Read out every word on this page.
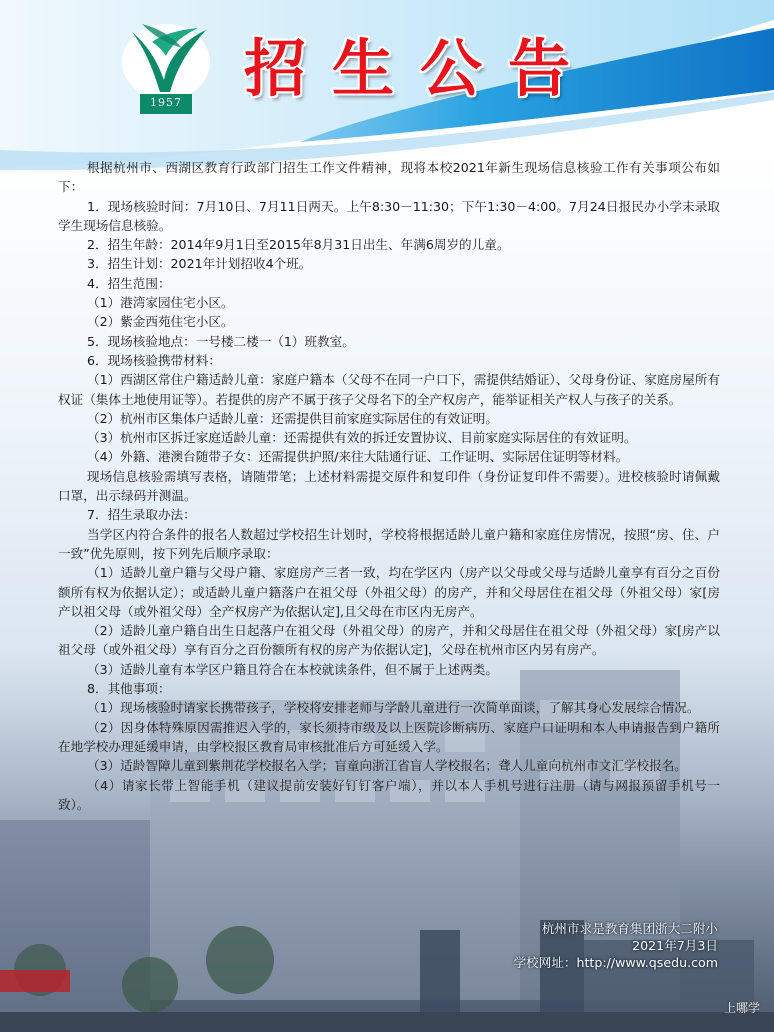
1957 招生公告

根据杭州市、西湖区教育行政部门招生工作文件精神，现将本校2021年新生现场信息核验工作有关事项公布如下：

1．现场核验时间：7月10日、7月11日两天。上午8:30－11:30；下午1:30－4:00。7月24日报民办小学未录取学生现场信息核验。

2．招生年龄：2014年9月1日至2015年8月31日出生、年满6周岁的儿童。

3．招生计划：2021年计划招收4个班。

4．招生范围：

（1）港湾家园住宅小区。

（2）紫金西苑住宅小区。

5．现场核验地点：一号楼二楼一（1）班教室。

6．现场核验携带材料：

（1）西湖区常住户籍适龄儿童：家庭户籍本（父母不在同一户口下，需提供结婚证）、父母身份证、家庭房屋所有权证（集体土地使用证等）。若提供的房产不属于孩子父母名下的全产权房产，能举证相关产权人与孩子的关系。

（2）杭州市区集体户适龄儿童：还需提供目前家庭实际居住的有效证明。

（3）杭州市区拆迁家庭适龄儿童：还需提供有效的拆迁安置协议、目前家庭实际居住的有效证明。

（4）外籍、港澳台随带子女：还需提供护照/来往大陆通行证、工作证明、实际居住证明等材料。

现场信息核验需填写表格，请随带笔；上述材料需提交原件和复印件（身份证复印件不需要）。进校核验时请佩戴口罩，出示绿码并测温。

7．招生录取办法：

当学区内符合条件的报名人数超过学校招生计划时，学校将根据适龄儿童户籍和家庭住房情况，按照“房、住、户一致”优先原则，按下列先后顺序录取：

（1）适龄儿童户籍与父母户籍、家庭房产三者一致，均在学区内（房产以父母或父母与适龄儿童享有百分之百份额所有权为依据认定）；或适龄儿童户籍落户在祖父母（外祖父母）的房产，并和父母居住在祖父母（外祖父母）家[房产以祖父母（或外祖父母）全产权房产为依据认定],且父母在市区内无房产。

（2）适龄儿童户籍自出生日起落户在祖父母（外祖父母）的房产，并和父母居住在祖父母（外祖父母）家[房产以祖父母（或外祖父母）享有百分之百份额所有权的房产为依据认定]，父母在杭州市区内另有房产。

（3）适龄儿童有本学区户籍且符合在本校就读条件，但不属于上述两类。

8．其他事项：

（1）现场核验时请家长携带孩子，学校将安排老师与学龄儿童进行一次简单面谈，了解其身心发展综合情况。

（2）因身体特殊原因需推迟入学的，家长须持市级及以上医院诊断病历、家庭户口证明和本人申请报告到户籍所在地学校办理延缓申请，由学校报区教育局审核批准后方可延缓入学。

（3）适龄智障儿童到紫荆花学校报名入学；盲童向浙江省盲人学校报名；聋人儿童向杭州市文汇学校报名。

（4）请家长带上智能手机（建议提前安装好钉钉客户端），并以本人手机号进行注册（请与网报预留手机号一致）。

杭州市求是教育集团浙大二附小
2021年7月3日
学校网址：http://www.qsedu.com
上哪学
